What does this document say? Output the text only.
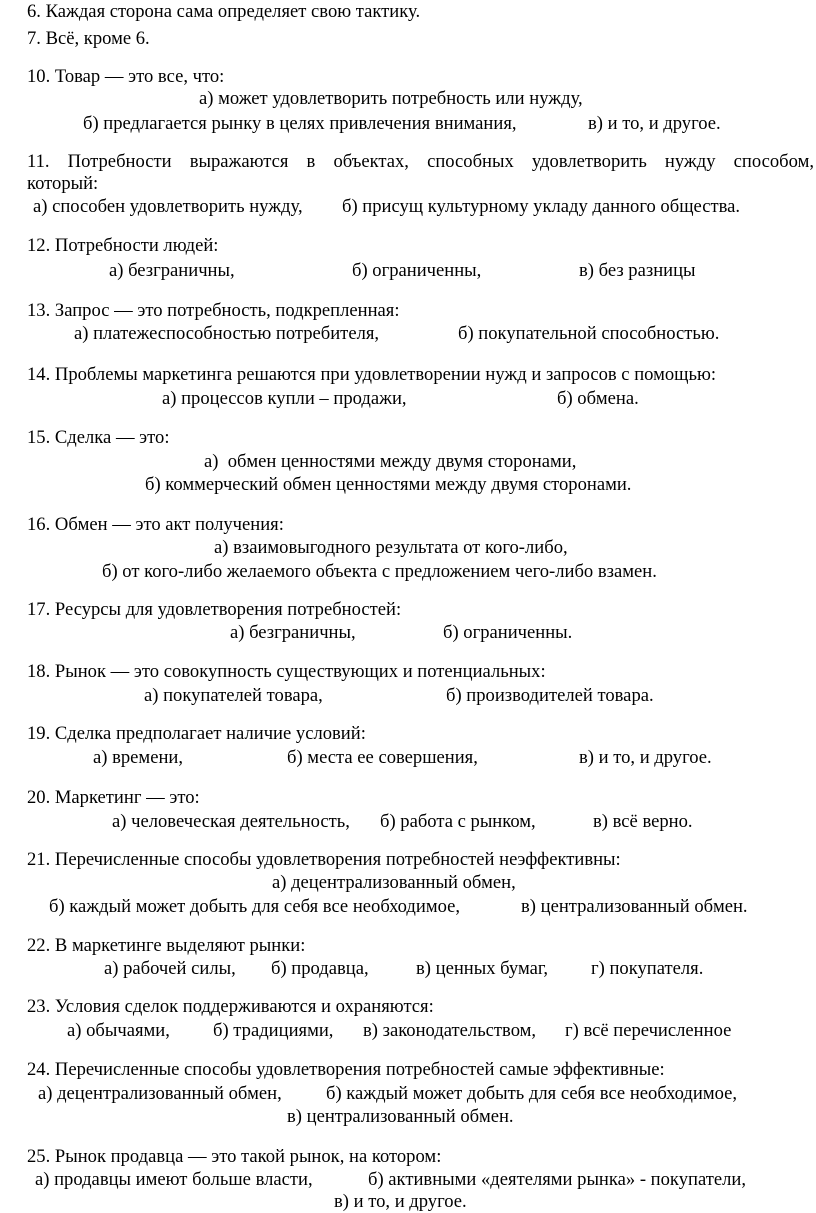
6. Каждая сторона сама определяет свою тактику.
7. Всё, кроме 6.
10. Товар — это все, что:
а) может удовлетворить потребность или нужду,
б) предлагается рынку в целях привлечения внимания,	в) и то, и другое.
11. Потребности выражаются в объектах, способных удовлетворить нужду способом,
который:
а) способен удовлетворить нужду, б) присущ культурному укладу данного общества.
12. Потребности людей:
а) безграничны,	б) ограниченны,	в) без разницы
13. Запрос — это потребность, подкрепленная:
а) платежеспособностью потребителя,	б) покупательной способностью.
14. Проблемы маркетинга решаются при удовлетворении нужд и запросов с помощью:
а) процессов купли – продажи,	б) обмена.
15. Сделка — это:
а)  обмен ценностями между двумя сторонами,
б) коммерческий обмен ценностями между двумя сторонами.
16. Обмен — это акт получения:
а) взаимовыгодного результата от кого-либо,
б) от кого-либо желаемого объекта с предложением чего-либо взамен.
17. Ресурсы для удовлетворения потребностей:
а) безграничны,	б) ограниченны.
18. Рынок — это совокупность существующих и потенциальных:
а) покупателей товара,	б) производителей товара.
19. Сделка предполагает наличие условий:
а) времени,	б) места ее совершения,	в) и то, и другое.
20. Маркетинг — это:
а) человеческая деятельность, б) работа с рынком,	в) всё верно.
21. Перечисленные способы удовлетворения потребностей неэффективны:
а) децентрализованный обмен,
б) каждый может добыть для себя все необходимое,	в) централизованный обмен.
22. В маркетинге выделяют рынки:
а) рабочей силы, б) продавца,	в) ценных бумаг, г) покупателя.
23. Условия сделок поддерживаются и охраняются:
а) обычаями, б) традициями, в) законодательством, г) всё перечисленное
24. Перечисленные способы удовлетворения потребностей самые эффективные:
а) децентрализованный обмен, б) каждый может добыть для себя все необходимое,
в) централизованный обмен.
25. Рынок продавца — это такой рынок, на котором:
а) продавцы имеют больше власти,	б) активными «деятелями рынка» - покупатели,
в) и то, и другое.
